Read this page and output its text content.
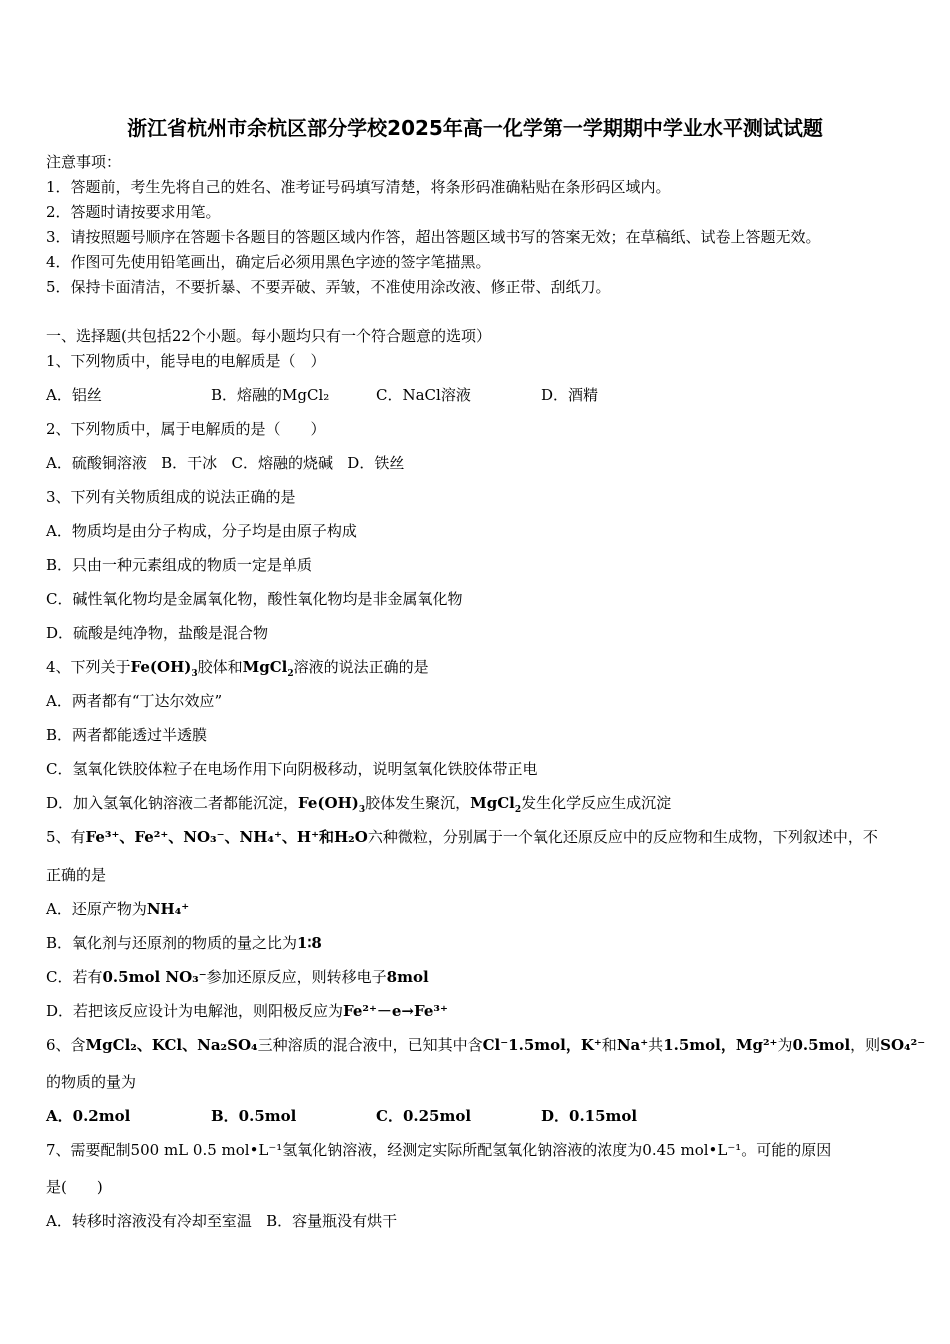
浙江省杭州市余杭区部分学校2025年高一化学第一学期期中学业水平测试试题
注意事项：
1．答题前，考生先将自己的姓名、准考证号码填写清楚，将条形码准确粘贴在条形码区域内。
2．答题时请按要求用笔。
3．请按照题号顺序在答题卡各题目的答题区域内作答，超出答题区域书写的答案无效；在草稿纸、试卷上答题无效。
4．作图可先使用铅笔画出，确定后必须用黑色字迹的签字笔描黑。
5．保持卡面清洁，不要折暴、不要弄破、弄皱，不准使用涂改液、修正带、刮纸刀。
一、选择题(共包括22个小题。每小题均只有一个符合题意的选项）
1、下列物质中，能导电的电解质是（　）
A．铝丝	B．熔融的MgCl₂	C．NaCl溶液	D．酒精
2、下列物质中，属于电解质的是（　　）
A．硫酸铜溶液 B．干冰 C．熔融的烧碱 D．铁丝
3、下列有关物质组成的说法正确的是
A．物质均是由分子构成，分子均是由原子构成
B．只由一种元素组成的物质一定是单质
C．碱性氧化物均是金属氧化物，酸性氧化物均是非金属氧化物
D．硫酸是纯净物，盐酸是混合物
4、下列关于$Fe(OH)_3$胶体和MgCl$_2$溶液的说法正确的是
A．两者都有“丁达尔效应”
B．两者都能透过半透膜
C．氢氧化铁胶体粒子在电场作用下向阴极移动，说明氢氧化铁胶体带正电
D．加入氢氧化钠溶液二者都能沉淀，$Fe(OH)_3$胶体发生聚沉，MgCl$_2$发生化学反应生成沉淀
5、有Fe³⁺、Fe²⁺、NO₃⁻、NH₄⁺、H⁺和H₂O六种微粒，分别属于一个氧化还原反应中的反应物和生成物，下列叙述中，不
正确的是
A．还原产物为NH₄⁺
B．氧化剂与还原剂的物质的量之比为1∶8
C．若有0.5mol NO₃⁻参加还原反应，则转移电子8mol
D．若把该反应设计为电解池，则阳极反应为Fe²⁺－e→Fe³⁺
6、含MgCl₂、KCl、Na₂SO₄三种溶质的混合液中，已知其中含Cl⁻1.5mol，K⁺和Na⁺共1.5mol，Mg²⁺为0.5mol，则SO₄²⁻
的物质的量为
A．0.2mol	B．0.5mol	C．0.25mol	D．0.15mol
7、需要配制500 mL 0.5 mol•L⁻¹氢氧化钠溶液，经测定实际所配氢氧化钠溶液的浓度为0.45 mol•L⁻¹。可能的原因
是(　　)
A．转移时溶液没有冷却至室温 B．容量瓶没有烘干
